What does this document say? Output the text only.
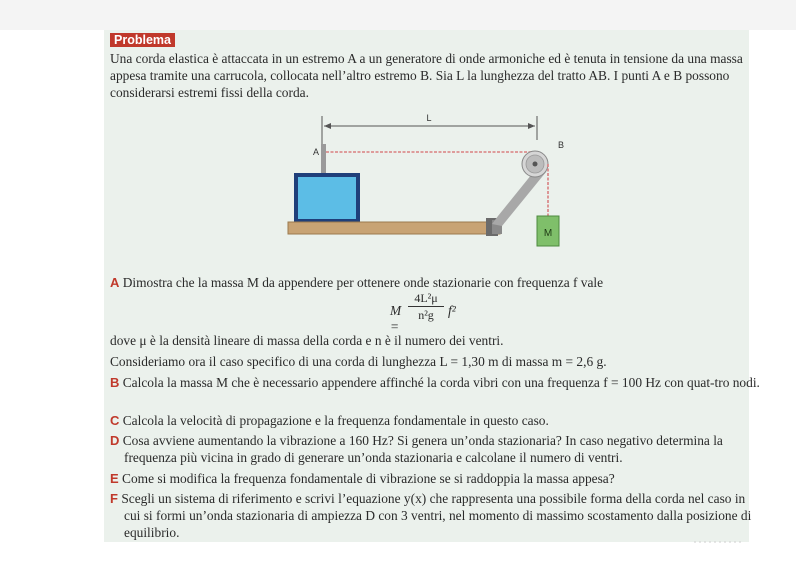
Problema
Una corda elastica è attaccata in un estremo A a un generatore di onde armoniche ed è tenuta in tensione da una massa appesa tramite una carrucola, collocata nell’altro estremo B. Sia L la lunghezza del tratto AB. I punti A e B possono considerarsi estremi fissi della corda.
L
A
B
M
A Dimostra che la massa M da appendere per ottenere onde stazionarie con frequenza f vale
M =
$\frac{\text{4L²μ}}{\text{n²g}} f^2$
dove μ è la densità lineare di massa della corda e n è il numero dei ventri.
Consideriamo ora il caso specifico di una corda di lunghezza L = 1,30 m di massa m = 2,6 g.
B Calcola la massa M che è necessario appendere affinché la corda vibri con una frequenza f = 100 Hz con quat-tro nodi.
C Calcola la velocità di propagazione e la frequenza fondamentale in questo caso.
D Cosa avviene aumentando la vibrazione a 160 Hz? Si genera un’onda stazionaria? In caso negativo determina la frequenza più vicina in grado di generare un’onda stazionaria e calcolane il numero di ventri.
E Come si modifica la frequenza fondamentale di vibrazione se si raddoppia la massa appesa?
F Scegli un sistema di riferimento e scrivi l’equazione y(x) che rappresenta una possibile forma della corda nel caso in cui si formi un’onda stazionaria di ampiezza D con 3 ventri, nel momento di massimo scostamento dalla posizione di equilibrio.
